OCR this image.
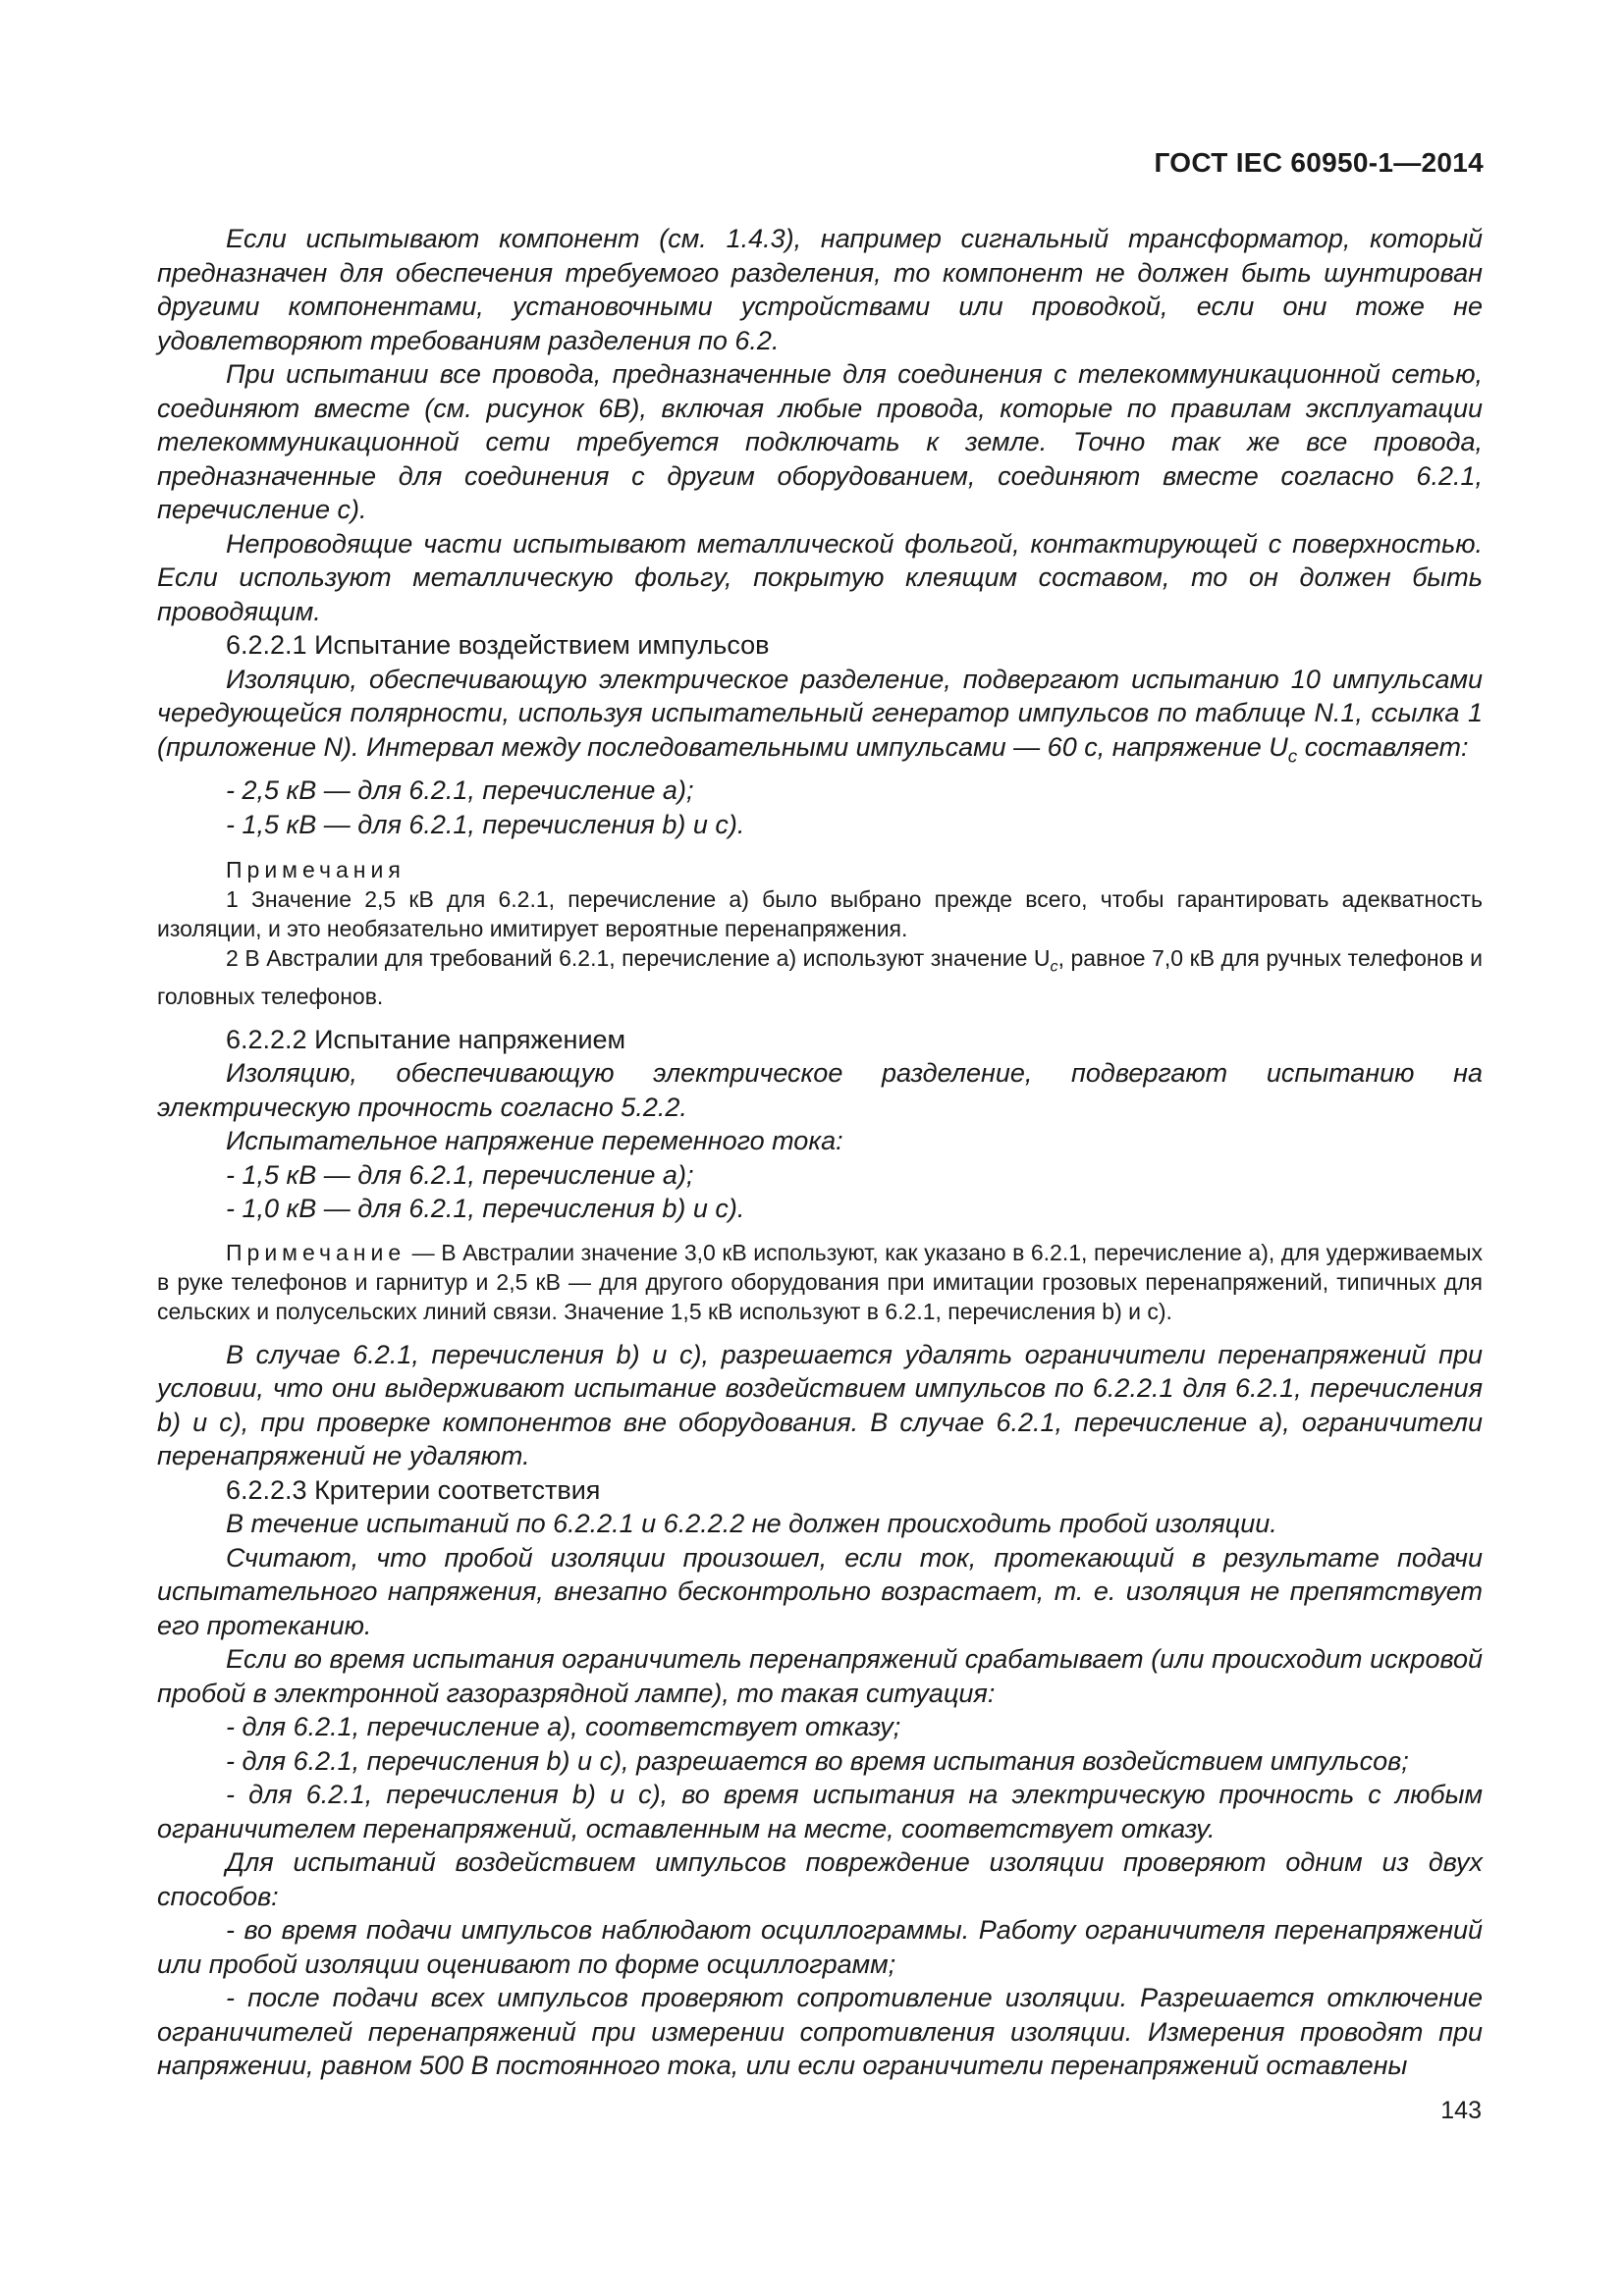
ГОСТ IEC 60950-1—2014

Если испытывают компонент (см. 1.4.3), например сигнальный трансформатор, который предназначен для обеспечения требуемого разделения, то компонент не должен быть шунтирован другими компонентами, установочными устройствами или проводкой, если они тоже не удовлетворяют требованиям разделения по 6.2.

При испытании все провода, предназначенные для соединения с телекоммуникационной сетью, соединяют вместе (см. рисунок 6В), включая любые провода, которые по правилам эксплуатации телекоммуникационной сети требуется подключать к земле. Точно так же все провода, предназначенные для соединения с другим оборудованием, соединяют вместе согласно 6.2.1, перечисление с).

Непроводящие части испытывают металлической фольгой, контактирующей с поверхностью. Если используют металлическую фольгу, покрытую клеящим составом, то он должен быть проводящим.

6.2.2.1 Испытание воздействием импульсов

Изоляцию, обеспечивающую электрическое разделение, подвергают испытанию 10 импульсами чередующейся полярности, используя испытательный генератор импульсов по таблице N.1, ссылка 1 (приложение N). Интервал между последовательными импульсами — 60 с, напряжение $U_c$ составляет:

- 2,5 кВ — для 6.2.1, перечисление а);

- 1,5 кВ — для 6.2.1, перечисления b) и с).

Примечания

1 Значение 2,5 кВ для 6.2.1, перечисление а) было выбрано прежде всего, чтобы гарантировать адекватность изоляции, и это необязательно имитирует вероятные перенапряжения.

2 В Австралии для требований 6.2.1, перечисление а) используют значение $U_c$, равное 7,0 кВ для ручных телефонов и головных телефонов.

6.2.2.2 Испытание напряжением

Изоляцию, обеспечивающую электрическое разделение, подвергают испытанию на электрическую прочность согласно 5.2.2.

Испытательное напряжение переменного тока:

- 1,5 кВ — для 6.2.1, перечисление а);

- 1,0 кВ — для 6.2.1, перечисления b) и с).

Примечание — В Австралии значение 3,0 кВ используют, как указано в 6.2.1, перечисление а), для удерживаемых в руке телефонов и гарнитур и 2,5 кВ — для другого оборудования при имитации грозовых перенапряжений, типичных для сельских и полусельских линий связи. Значение 1,5 кВ используют в 6.2.1, перечисления b) и с).

В случае 6.2.1, перечисления b) и с), разрешается удалять ограничители перенапряжений при условии, что они выдерживают испытание воздействием импульсов по 6.2.2.1 для 6.2.1, перечисления b) и с), при проверке компонентов вне оборудования. В случае 6.2.1, перечисление а), ограничители перенапряжений не удаляют.

6.2.2.3 Критерии соответствия

В течение испытаний по 6.2.2.1 и 6.2.2.2 не должен происходить пробой изоляции.

Считают, что пробой изоляции произошел, если ток, протекающий в результате подачи испытательного напряжения, внезапно бесконтрольно возрастает, т. е. изоляция не препятствует его протеканию.

Если во время испытания ограничитель перенапряжений срабатывает (или происходит искровой пробой в электронной газоразрядной лампе), то такая ситуация:

- для 6.2.1, перечисление а), соответствует отказу;

- для 6.2.1, перечисления b) и с), разрешается во время испытания воздействием импульсов;

- для 6.2.1, перечисления b) и с), во время испытания на электрическую прочность с любым ограничителем перенапряжений, оставленным на месте, соответствует отказу.

Для испытаний воздействием импульсов повреждение изоляции проверяют одним из двух способов:

- во время подачи импульсов наблюдают осциллограммы. Работу ограничителя перенапряжений или пробой изоляции оценивают по форме осциллограмм;

- после подачи всех импульсов проверяют сопротивление изоляции. Разрешается отключение ограничителей перенапряжений при измерении сопротивления изоляции. Измерения проводят при напряжении, равном 500 В постоянного тока, или если ограничители перенапряжений оставлены

143
